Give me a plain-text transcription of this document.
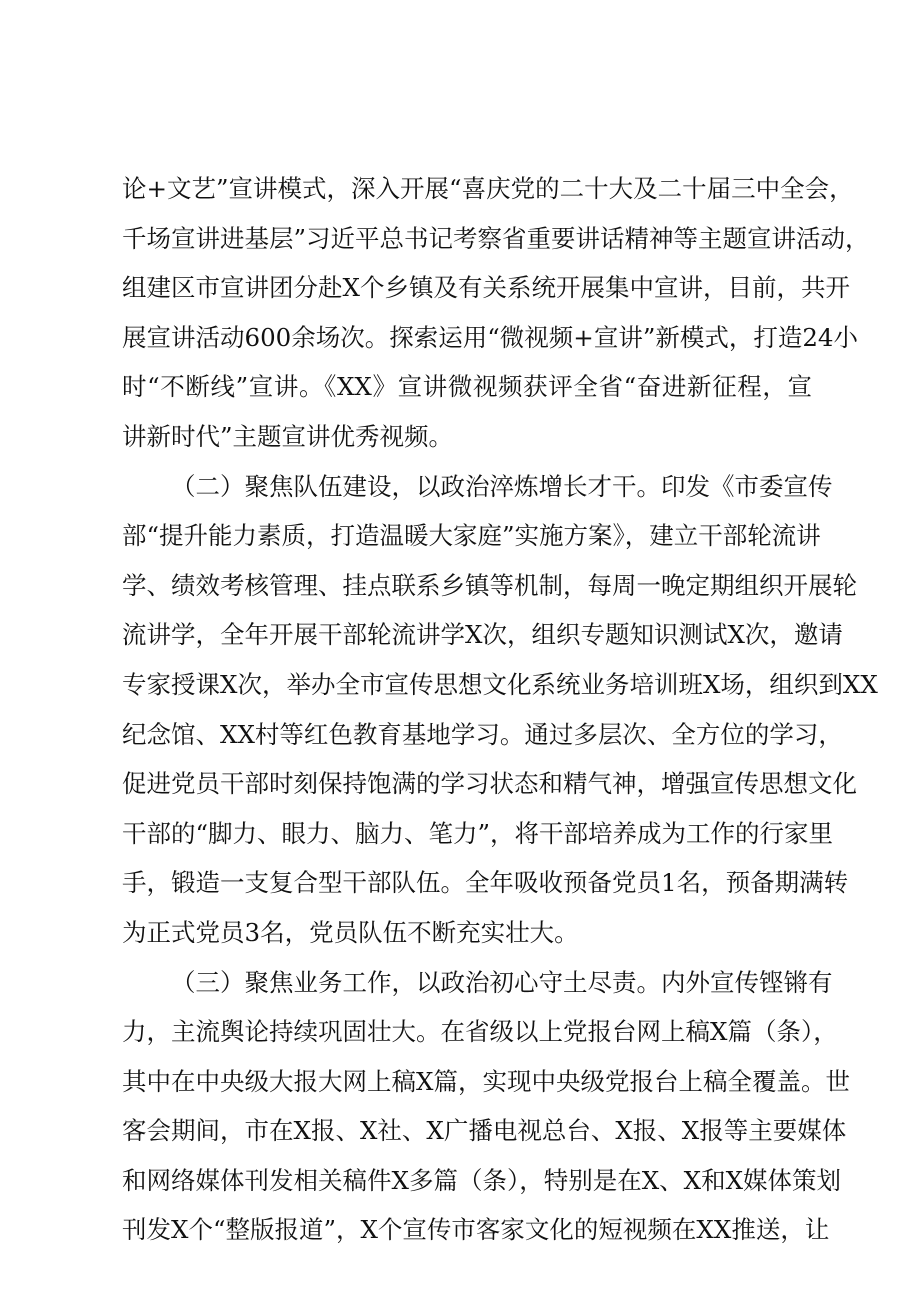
论+文艺”宣讲模式，深入开展“喜庆党的二十大及二十届三中全会，
千场宣讲进基层”习近平总书记考察省重要讲话精神等主题宣讲活动，
组建区市宣讲团分赴X个乡镇及有关系统开展集中宣讲，目前，共开
展宣讲活动600余场次。探索运用“微视频+宣讲”新模式，打造24小
时“不断线”宣讲。《XX》宣讲微视频获评全省“奋进新征程，宣
讲新时代”主题宣讲优秀视频。

（二）聚焦队伍建设，以政治淬炼增长才干。印发《市委宣传
部“提升能力素质，打造温暖大家庭”实施方案》，建立干部轮流讲
学、绩效考核管理、挂点联系乡镇等机制，每周一晚定期组织开展轮
流讲学，全年开展干部轮流讲学X次，组织专题知识测试X次，邀请
专家授课X次，举办全市宣传思想文化系统业务培训班X场，组织到XX
纪念馆、XX村等红色教育基地学习。通过多层次、全方位的学习，
促进党员干部时刻保持饱满的学习状态和精气神，增强宣传思想文化
干部的“脚力、眼力、脑力、笔力”，将干部培养成为工作的行家里
手，锻造一支复合型干部队伍。全年吸收预备党员1名，预备期满转
为正式党员3名，党员队伍不断充实壮大。

（三）聚焦业务工作，以政治初心守土尽责。内外宣传铿锵有
力，主流舆论持续巩固壮大。在省级以上党报台网上稿X篇（条），
其中在中央级大报大网上稿X篇，实现中央级党报台上稿全覆盖。世
客会期间，市在X报、X社、X广播电视总台、X报、X报等主要媒体
和网络媒体刊发相关稿件X多篇（条），特别是在X、X和X媒体策划
刊发X个“整版报道”，X个宣传市客家文化的短视频在XX推送，让
